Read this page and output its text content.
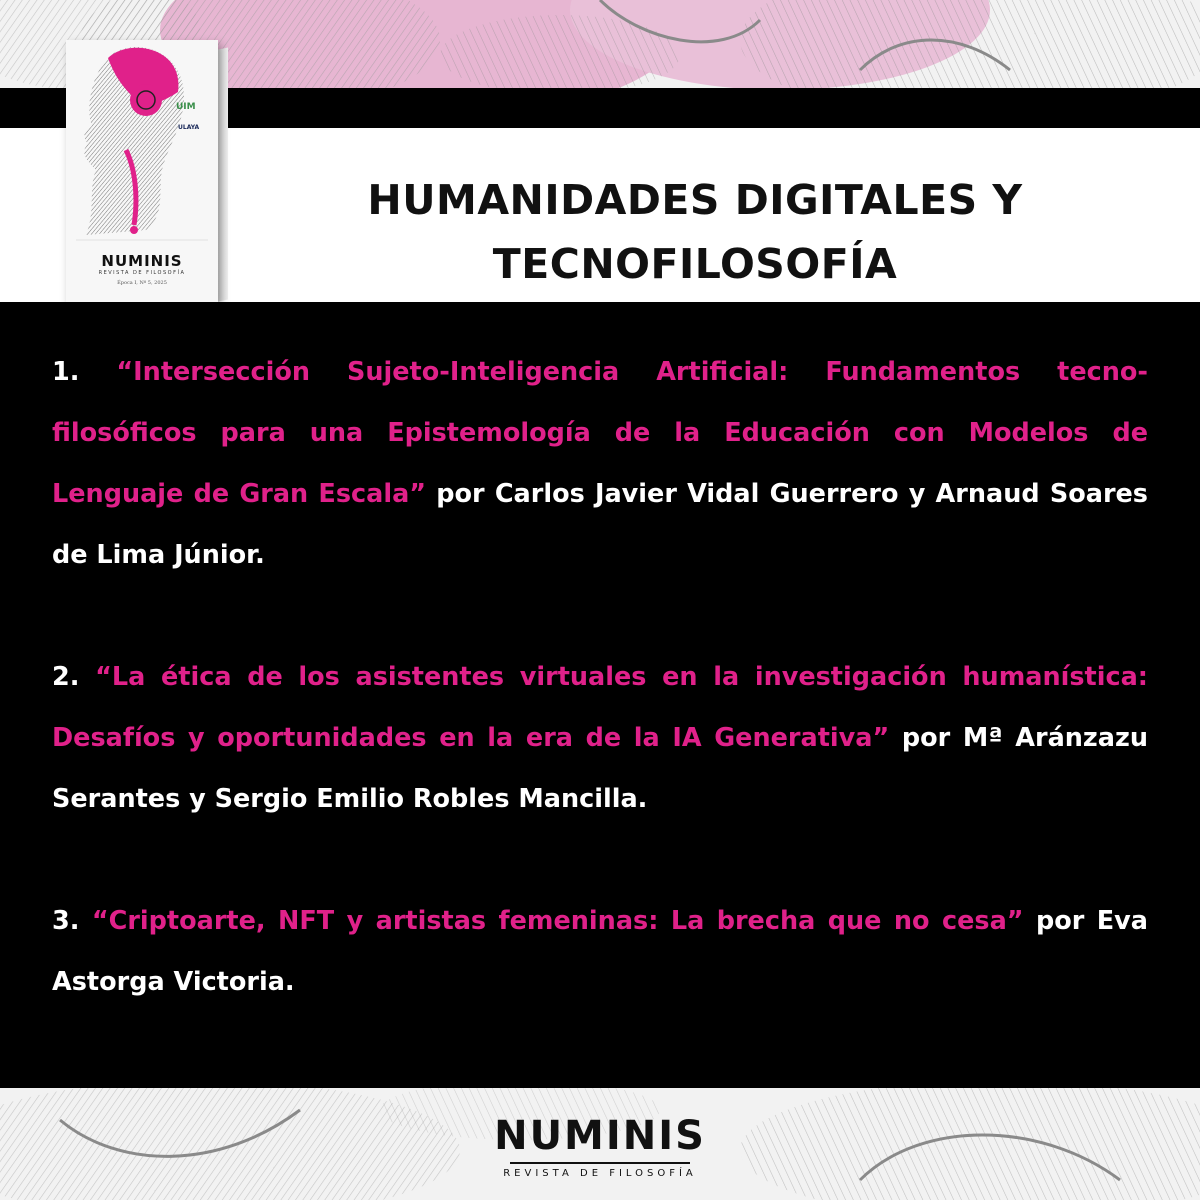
HUMANIDADES DIGITALES Y
TECNOFILOSOFÍA
UIM
ULAYA
NUMINIS
REVISTA DE FILOSOFÍA
Época I, Nº 5, 2025

1. “Intersección Sujeto-Inteligencia Artificial: Fundamentos tecno-filosóficos para una Epistemología de la Educación con Modelos de Lenguaje de Gran Escala” por Carlos Javier Vidal Guerrero y Arnaud Soares de Lima Júnior.

2. “La ética de los asistentes virtuales en la investigación humanística: Desafíos y oportunidades en la era de la IA Generativa” por Mª Aránzazu Serantes y Sergio Emilio Robles Mancilla.

3. “Criptoarte, NFT y artistas femeninas: La brecha que no cesa” por Eva Astorga Victoria.

NUMINIS
REVISTA DE FILOSOFÍA
